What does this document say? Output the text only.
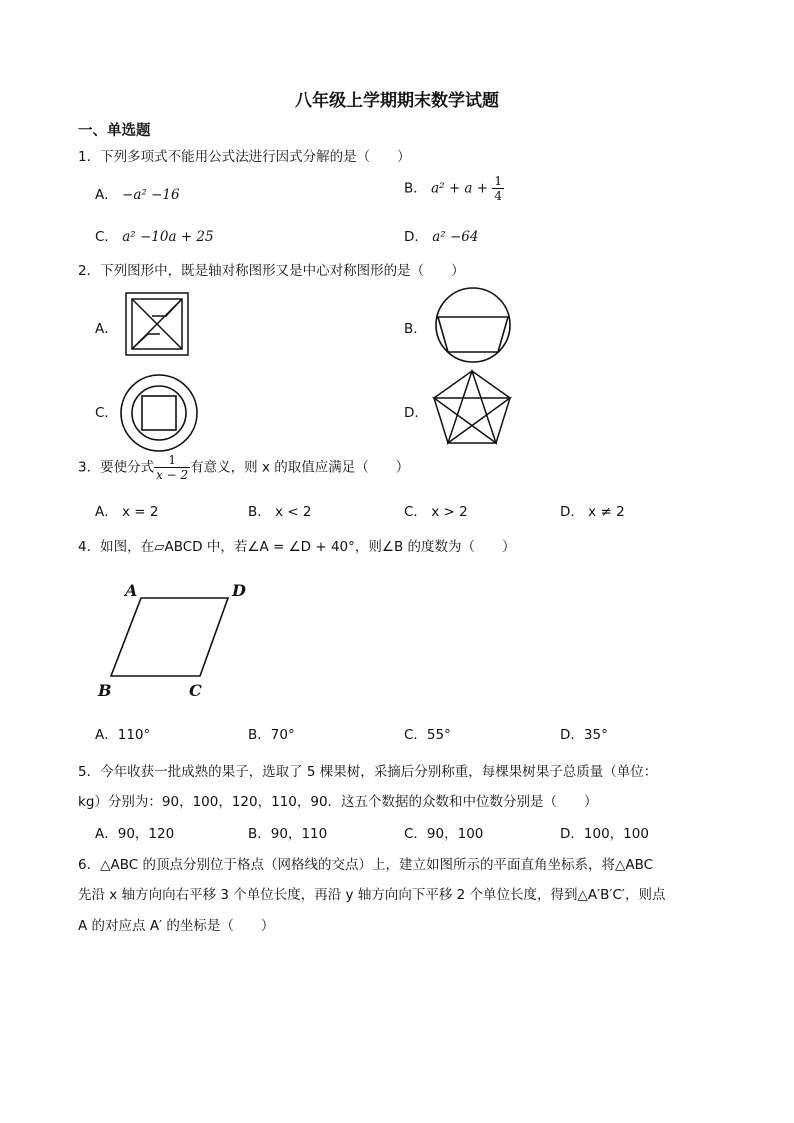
八年级上学期期末数学试题
一、单选题
1．下列多项式不能用公式法进行因式分解的是（　　）
A． −a² −16	B． $a^2 + a + \frac{1}{4}$
C． a² −10a + 25	D． a² −64
2．下列图形中，既是轴对称图形又是中心对称图形的是（　　）
A．	B．
C．	D．
3．要使分式 $\frac{1}{x - 2}$ 有意义，则 x 的取值应满足（　　）
A． x = 2	B． x < 2	C． x > 2	D． x ≠ 2
4．如图，在▱ABCD 中，若∠A = ∠D + 40°，则∠B 的度数为（　　）
A	D
B	C
A．110°	B．70°	C．55°	D．35°
5．今年收获一批成熟的果子，选取了 5 棵果树，采摘后分别称重，每棵果树果子总质量（单位：
kg）分别为：90，100，120，110，90．这五个数据的众数和中位数分别是（　　）
A．90，120	B．90，110	C．90，100	D．100，100
6．△ABC 的顶点分别位于格点（网格线的交点）上，建立如图所示的平面直角坐标系，将△ABC
先沿 x 轴方向向右平移 3 个单位长度，再沿 y 轴方向向下平移 2 个单位长度，得到△A′B′C′，则点
A 的对应点 A′ 的坐标是（　　）
